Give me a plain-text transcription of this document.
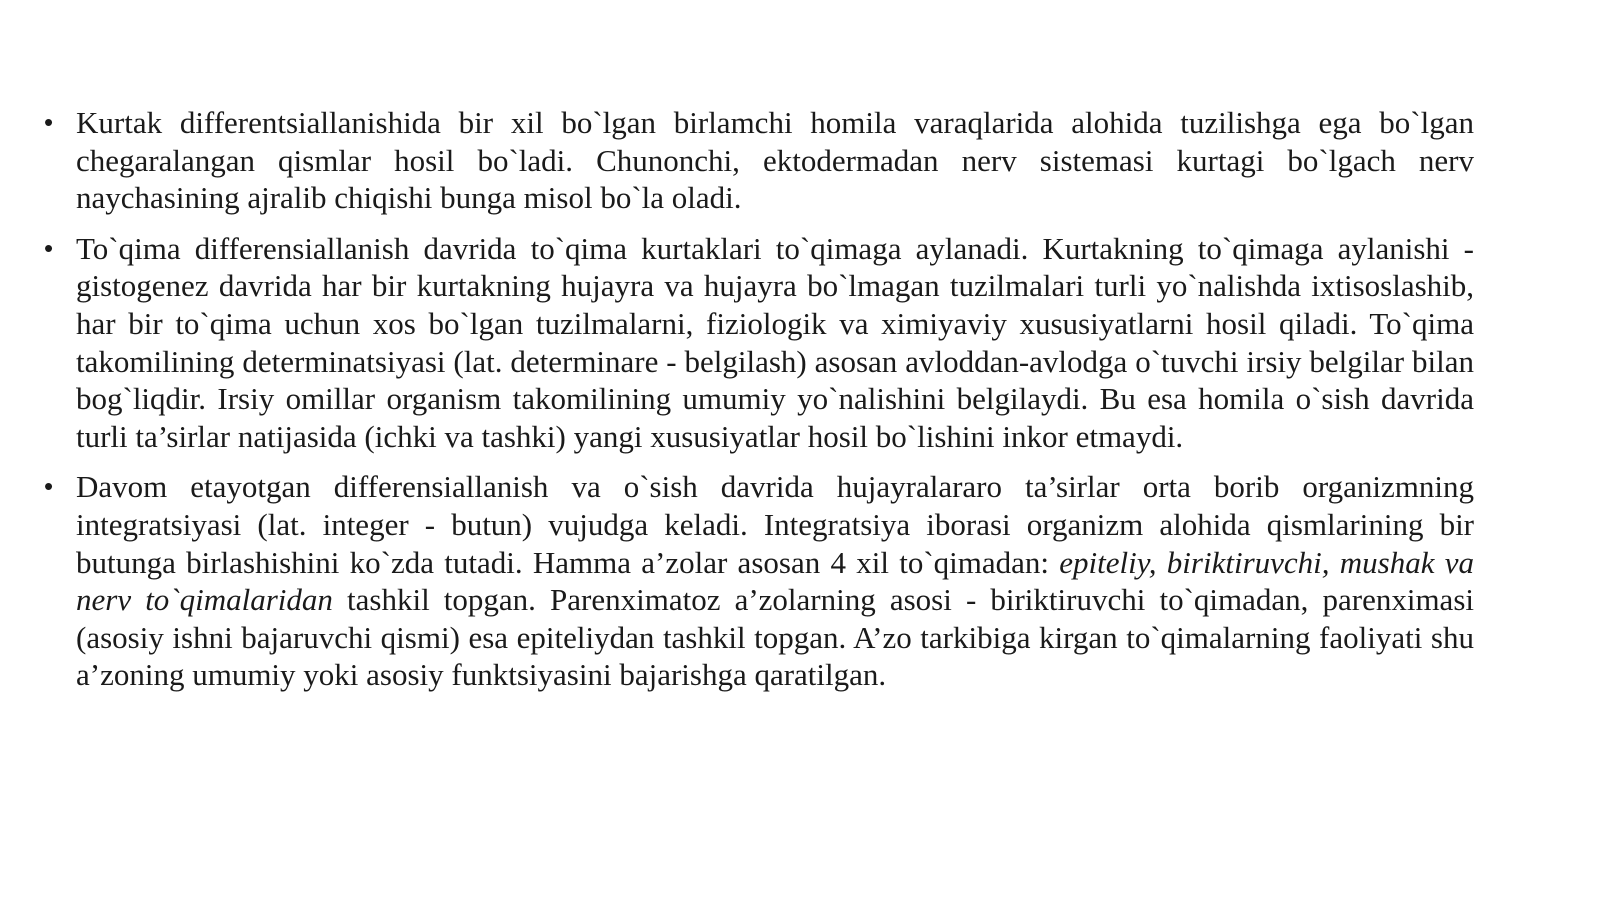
• Kurtak differentsiallanishida bir xil bo`lgan birlamchi homila varaqlarida alohida tuzilishga ega bo`lgan chegaralangan qismlar hosil bo`ladi. Chunonchi, ektodermadan nerv sistemasi kurtagi bo`lgach nerv naychasining ajralib chiqishi bunga misol bo`la oladi.
• To`qima differensiallanish davrida to`qima kurtaklari to`qimaga aylanadi. Kurtakning to`qimaga aylanishi - gistogenez davrida har bir kurtakning hujayra va hujayra bo`lmagan tuzilmalari turli yo`nalishda ixtisoslashib, har bir to`qima uchun xos bo`lgan tuzilmalarni, fiziologik va ximiyaviy xususiyatlarni hosil qiladi. To`qima takomilining determinatsiyasi (lat. determinare - belgilash) asosan avloddan-avlodga o`tuvchi irsiy belgilar bilan bog`liqdir. Irsiy omillar organism takomilining umumiy yo`nalishini belgilaydi. Bu esa homila o`sish davrida turli ta’sirlar natijasida (ichki va tashki) yangi xususiyatlar hosil bo`lishini inkor etmaydi.
• Davom etayotgan differensiallanish va o`sish davrida hujayralararo ta’sirlar orta borib organizmning integratsiyasi (lat. integer - butun) vujudga keladi. Integratsiya iborasi organizm alohida qismlarining bir butunga birlashishini ko`zda tutadi. Hamma a’zolar asosan 4 xil to`qimadan: epiteliy, biriktiruvchi, mushak va nerv to`qimalaridan tashkil topgan. Parenximatoz a’zolarning asosi - biriktiruvchi to`qimadan, parenximasi (asosiy ishni bajaruvchi qismi) esa epiteliydan tashkil topgan. A’zo tarkibiga kirgan to`qimalarning faoliyati shu a’zoning umumiy yoki asosiy funktsiyasini bajarishga qaratilgan.
